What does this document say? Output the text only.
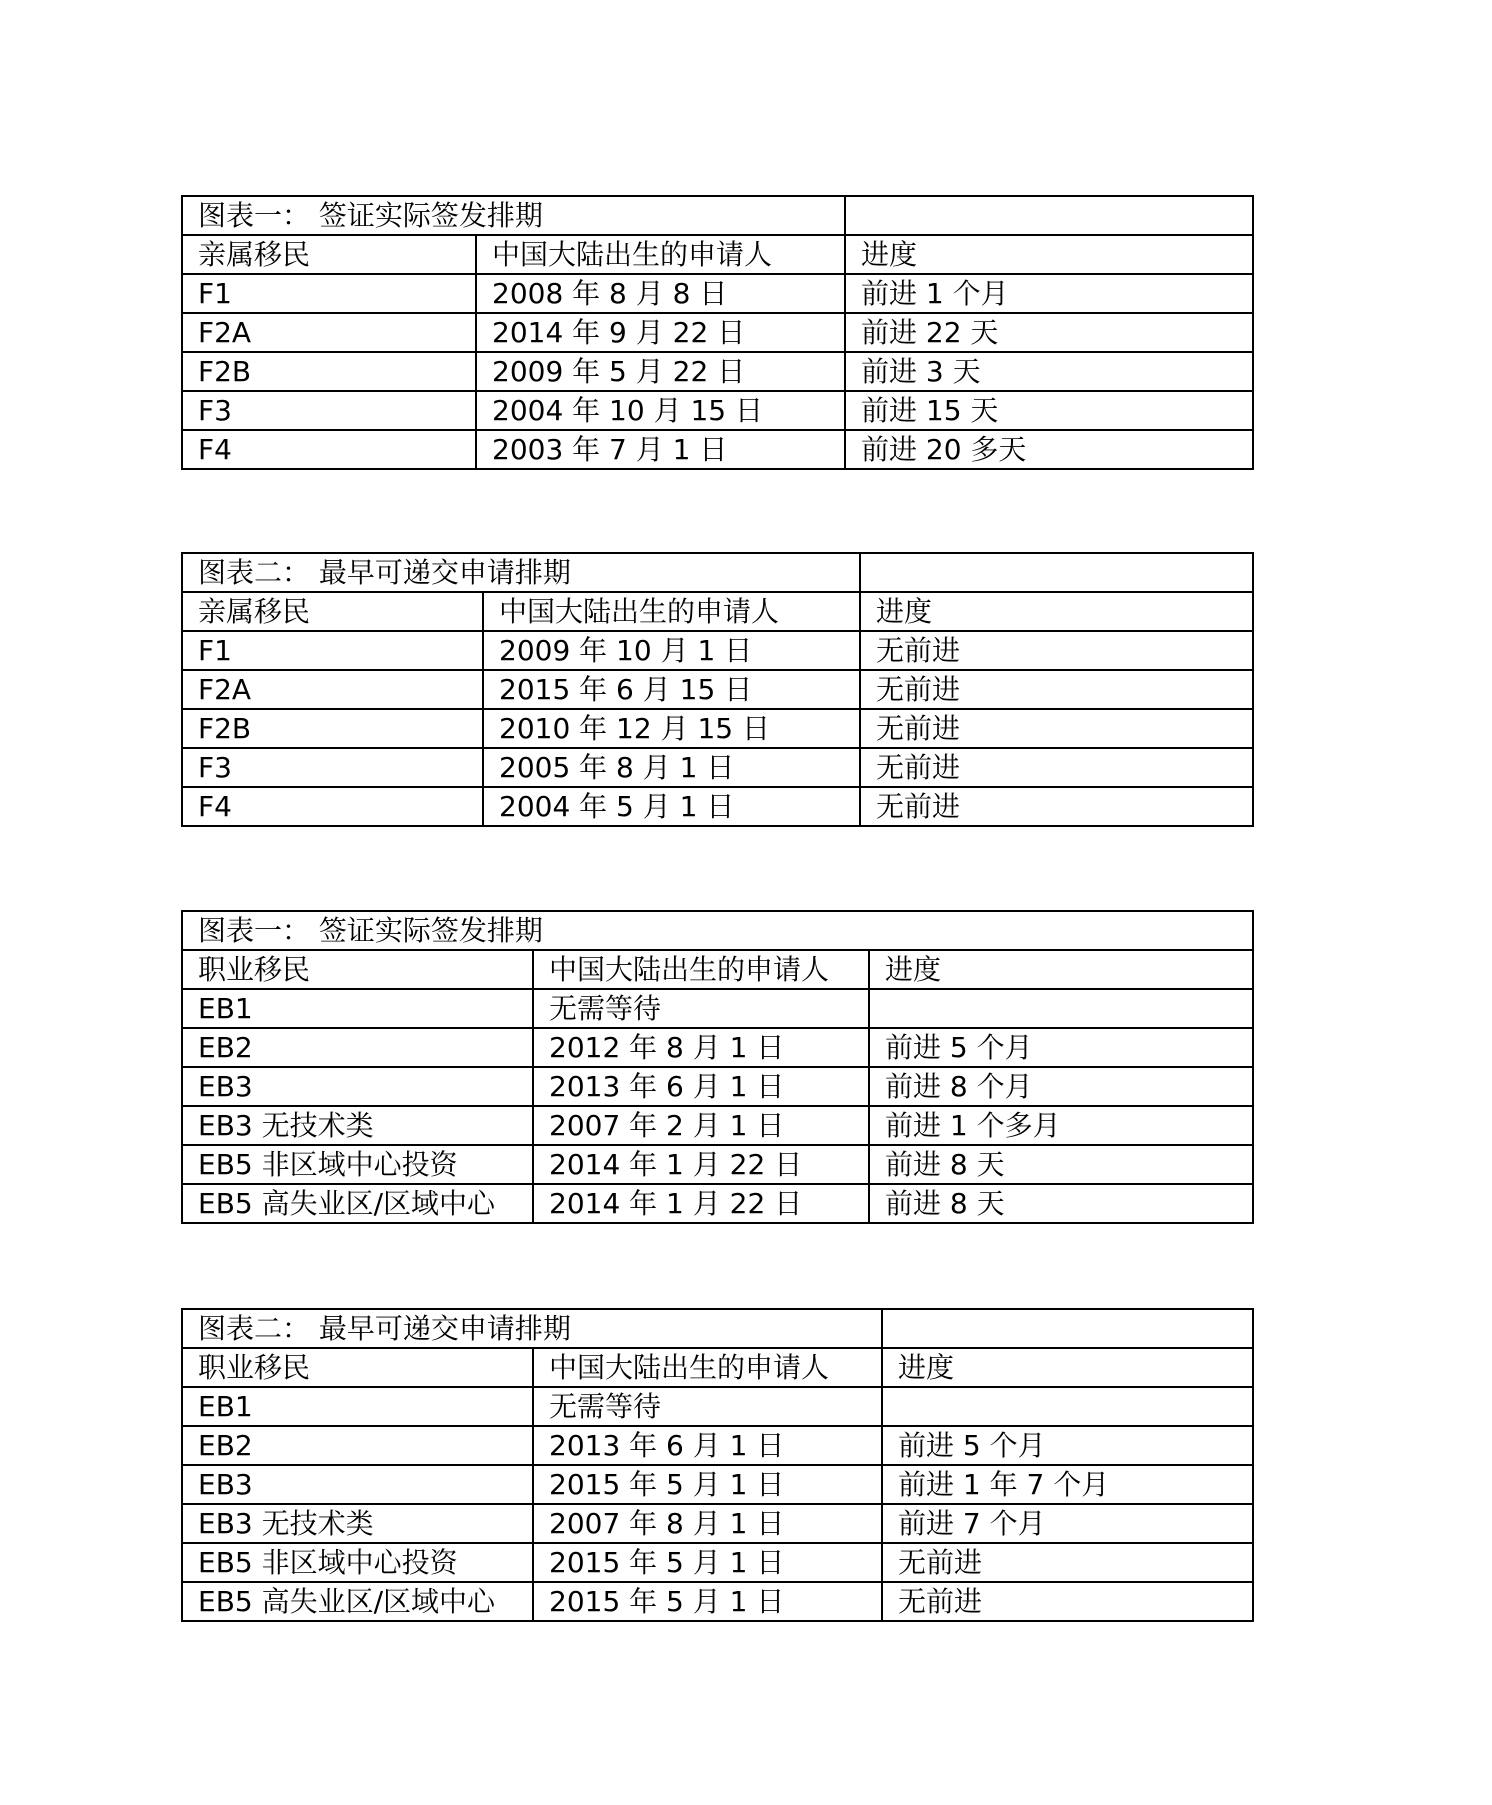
图表一： 签证实际签发排期		
亲属移民	中国大陆出生的申请人	进度
F1	2008 年 8 月 8 日	前进 1 个月
F2A	2014 年 9 月 22 日	前进 22 天
F2B	2009 年 5 月 22 日	前进 3 天
F3	2004 年 10 月 15 日	前进 15 天
F4	2003 年 7 月 1 日	前进 20 多天
图表二： 最早可递交申请排期		
亲属移民	中国大陆出生的申请人	进度
F1	2009 年 10 月 1 日	无前进
F2A	2015 年 6 月 15 日	无前进
F2B	2010 年 12 月 15 日	无前进
F3	2005 年 8 月 1 日	无前进
F4	2004 年 5 月 1 日	无前进
图表一： 签证实际签发排期		
职业移民	中国大陆出生的申请人	进度
EB1	无需等待	
EB2	2012 年 8 月 1 日	前进 5 个月
EB3	2013 年 6 月 1 日	前进 8 个月
EB3 无技术类	2007 年 2 月 1 日	前进 1 个多月
EB5 非区域中心投资	2014 年 1 月 22 日	前进 8 天
EB5 高失业区/区域中心	2014 年 1 月 22 日	前进 8 天
图表二： 最早可递交申请排期		
职业移民	中国大陆出生的申请人	进度
EB1	无需等待	
EB2	2013 年 6 月 1 日	前进 5 个月
EB3	2015 年 5 月 1 日	前进 1 年 7 个月
EB3 无技术类	2007 年 8 月 1 日	前进 7 个月
EB5 非区域中心投资	2015 年 5 月 1 日	无前进
EB5 高失业区/区域中心	2015 年 5 月 1 日	无前进
